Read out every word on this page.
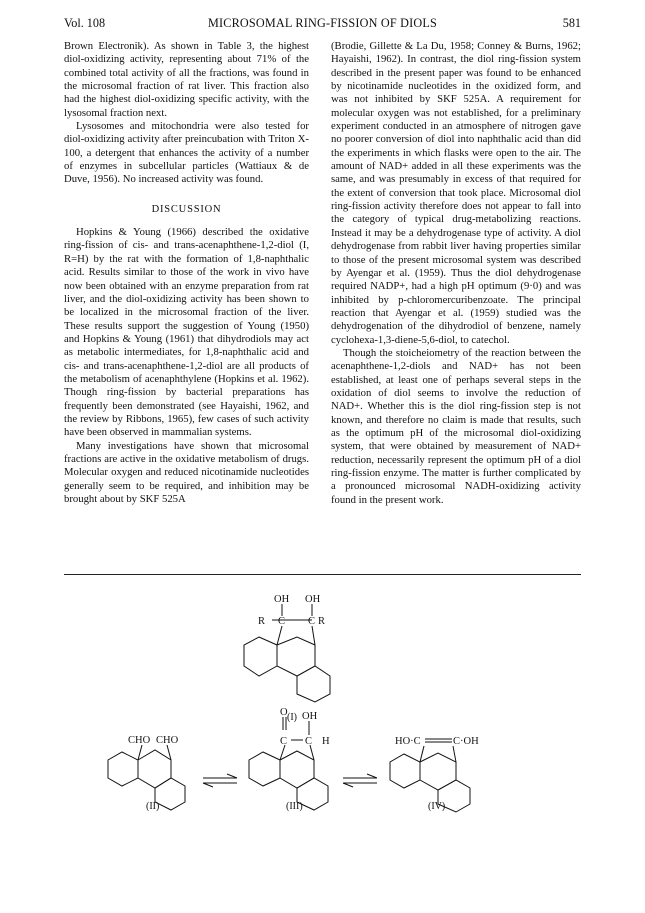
Vol. 108	MICROSOMAL RING-FISSION OF DIOLS	581

Brown Electronik). As shown in Table 3, the highest diol-oxidizing activity, representing about 71% of the combined total activity of all the fractions, was found in the microsomal fraction of rat liver. This fraction also had the highest diol-oxidizing specific activity, with the lysosomal fraction next.

Lysosomes and mitochondria were also tested for diol-oxidizing activity after preincubation with Triton X-100, a detergent that enhances the activity of a number of enzymes in subcellular particles (Wattiaux & de Duve, 1956). No increased activity was found.

DISCUSSION

Hopkins & Young (1966) described the oxidative ring-fission of cis- and trans-acenaphthene-1,2-diol (I, R=H) by the rat with the formation of 1,8-naphthalic acid. Results similar to those of the work in vivo have now been obtained with an enzyme preparation from rat liver, and the diol-oxidizing activity has been shown to be localized in the microsomal fraction of the liver. These results support the suggestion of Young (1950) and Hopkins & Young (1961) that dihydrodiols may act as metabolic intermediates, for 1,8-naphthalic acid and cis- and trans-acenaphthene-1,2-diol are all products of the metabolism of acenaphthylene (Hopkins et al. 1962). Though ring-fission by bacterial preparations has frequently been demonstrated (see Hayaishi, 1962, and the review by Ribbons, 1965), few cases of such activity have been observed in mammalian systems.

Many investigations have shown that microsomal fractions are active in the oxidative metabolism of drugs. Molecular oxygen and reduced nicotinamide nucleotides generally seem to be required, and inhibition may be brought about by SKF 525A

(Brodie, Gillette & La Du, 1958; Conney & Burns, 1962; Hayaishi, 1962). In contrast, the diol ring-fission system described in the present paper was found to be enhanced by nicotinamide nucleotides in the oxidized form, and was not inhibited by SKF 525A. A requirement for molecular oxygen was not established, for a preliminary experiment conducted in an atmosphere of nitrogen gave no poorer conversion of diol into naphthalic acid than did the experiments in which flasks were open to the air. The amount of NAD+ added in all these experiments was the same, and was presumably in excess of that required for the extent of conversion that took place. Microsomal diol ring-fission activity therefore does not appear to fall into the category of typical drug-metabolizing reactions. Instead it may be a dehydrogenase type of activity. A diol dehydrogenase from rabbit liver having properties similar to those of the present microsomal system was described by Ayengar et al. (1959). Thus the diol dehydrogenase required NADP+, had a high pH optimum (9·0) and was inhibited by p-chloromercuribenzoate. The principal reaction that Ayengar et al. (1959) studied was the dehydrogenation of the dihydrodiol of benzene, namely cyclohexa-1,3-diene-5,6-diol, to catechol.

Though the stoicheiometry of the reaction between the acenaphthene-1,2-diols and NAD+ has not been established, at least one of perhaps several steps in the oxidation of diol seems to involve the reduction of NAD+. Whether this is the diol ring-fission step is not known, and therefore no claim is made that results, such as the optimum pH of the microsomal diol-oxidizing system, that were obtained by measurement of NAD+ reduction, necessarily represent the optimum pH of a diol ring-fission enzyme. The matter is further complicated by a pronounced microsomal NADH-oxidizing activity found in the present work.

OH OH
R C C R
(I)
CHO CHO
(II)
O OH
C C H
(III)
HO·C	C·OH
(IV)
